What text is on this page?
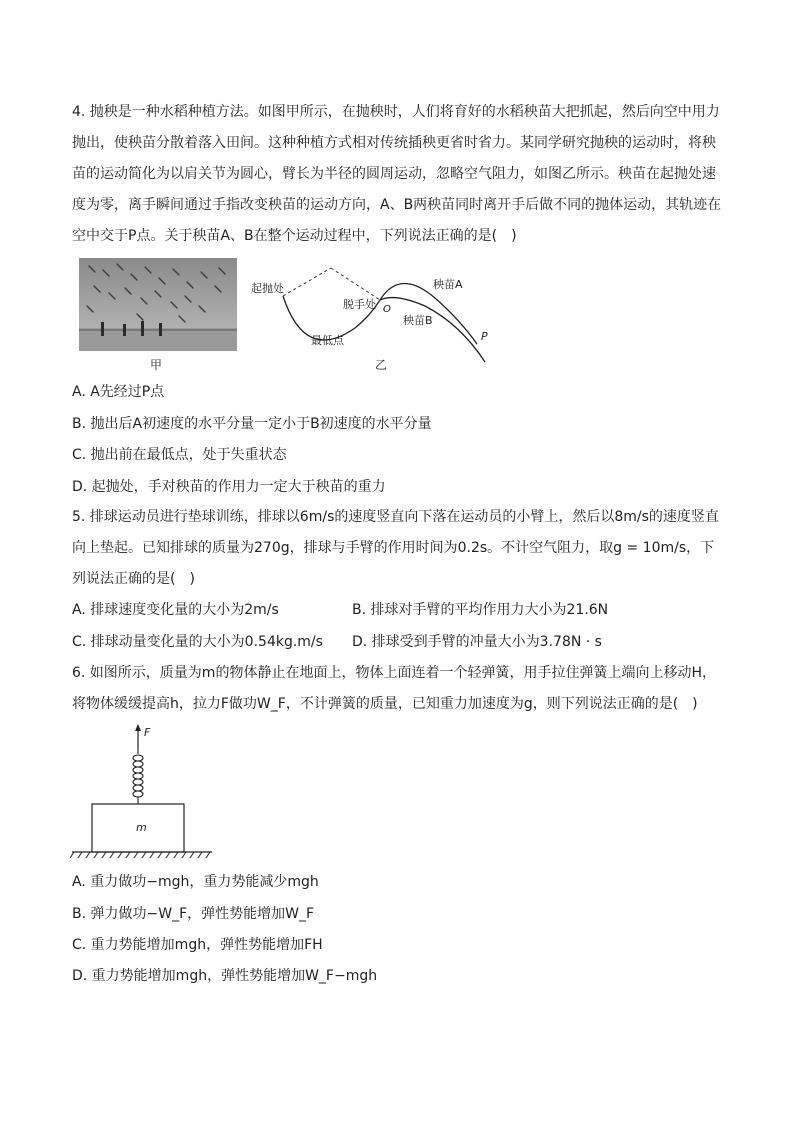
4. 抛秧是一种水稻种植方法。如图甲所示，在抛秧时，人们将育好的水稻秧苗大把抓起，然后向空中用力抛出，使秧苗分散着落入田间。这种种植方式相对传统插秧更省时省力。某同学研究抛秧的运动时，将秧苗的运动简化为以肩关节为圆心，臂长为半径的圆周运动，忽略空气阻力，如图乙所示。秧苗在起抛处速度为零，离手瞬间通过手指改变秧苗的运动方向，A、B两秧苗同时离开手后做不同的抛体运动，其轨迹在空中交于P点。关于秧苗A、B在整个运动过程中，下列说法正确的是(　)

甲
起抛处
脱手处 O
秧苗A
秧苗B
最低点	P
乙

A. A先经过P点

B. 抛出后A初速度的水平分量一定小于B初速度的水平分量

C. 抛出前在最低点，处于失重状态

D. 起抛处，手对秧苗的作用力一定大于秧苗的重力

5. 排球运动员进行垫球训练，排球以6m/s的速度竖直向下落在运动员的小臂上，然后以8m/s的速度竖直向上垫起。已知排球的质量为270g，排球与手臂的作用时间为0.2s。不计空气阻力，取g = 10m/s，下列说法正确的是(　)

A. 排球速度变化量的大小为2m/s	B. 排球对手臂的平均作用力大小为21.6N

C. 排球动量变化量的大小为0.54kg.m/s D. 排球受到手臂的冲量大小为3.78N · s

6. 如图所示，质量为m的物体静止在地面上，物体上面连着一个轻弹簧，用手拉住弹簧上端向上移动H，将物体缓缓提高h，拉力F做功W_F，不计弹簧的质量，已知重力加速度为g，则下列说法正确的是(　)

F
m

A. 重力做功−mgh，重力势能减少mgh

B. 弹力做功−W_F，弹性势能增加W_F

C. 重力势能增加mgh，弹性势能增加FH

D. 重力势能增加mgh，弹性势能增加W_F−mgh
